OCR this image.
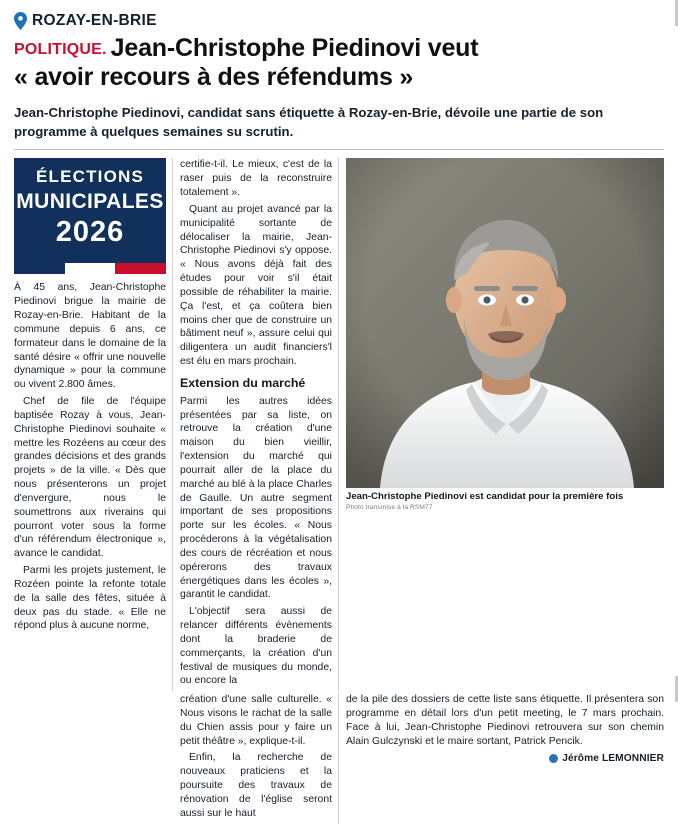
ROZAY-EN-BRIE
POLITIQUE. Jean-Christophe Piedinovi veut
« avoir recours à des réfendums »
Jean-Christophe Piedinovi, candidat sans étiquette à Rozay-en-Brie, dévoile une partie de son programme à quelques semaines su scrutin.
ÉLECTIONS
MUNICIPALES
2026

À 45 ans, Jean-Christophe Piedinovi brigue la mairie de Rozay-en-Brie. Habitant de la commune depuis 6 ans, ce formateur dans le domaine de la santé désire « offrir une nouvelle dynamique » pour la commune ou vivent 2.800 âmes.

Chef de file de l'équipe baptisée Rozay à vous, Jean-Christophe Piedinovi souhaite « mettre les Rozéens au cœur des grandes décisions et des grands projets » de la ville. « Dès que nous présenterons un projet d'envergure, nous le soumettrons aux riverains qui pourront voter sous la forme d'un référendum électronique », avance le candidat.

Parmi les projets justement, le Rozéen pointe la refonte totale de la salle des fêtes, située à deux pas du stade. « Elle ne répond plus à aucune norme,

certifie-t-il. Le mieux, c'est de la raser puis de la reconstruire totalement ».

Quant au projet avancé par la municipalité sortante de délocaliser la mairie, Jean-Christophe Piedinovi s'y oppose. « Nous avons déjà fait des études pour voir s'il était possible de réhabiliter la mairie. Ça l'est, et ça coûtera bien moins cher que de construire un bâtiment neuf », assure celui qui diligentera un audit financiers'l est élu en mars prochain.

Extension du marché

Parmi les autres idées présentées par sa liste, on retrouve la création d'une maison du bien vieillir, l'extension du marché qui pourrait aller de la place du marché au blé à la place Charles de Gaulle. Un autre segment important de ses propositions porte sur les écoles. « Nous procéderons à la végétalisation des cours de récréation et nous opérerons des travaux énergétiques dans les écoles », garantit le candidat.

L'objectif sera aussi de relancer différents évènements dont la braderie de commerçants, la création d'un festival de musiques du monde, ou encore la

Jean-Christophe Piedinovi est candidat pour la première fois
Photo transmise à la RSM77

création d'une salle culturelle. « Nous visons le rachat de la salle du Chien assis pour y faire un petit théâtre », explique-t-il.

Enfin, la recherche de nouveaux praticiens et la poursuite des travaux de rénovation de l'église seront aussi sur le haut

de la pile des dossiers de cette liste sans étiquette. Il présentera son programme en détail lors d'un petit meeting, le 7 mars prochain. Face à lui, Jean-Christophe Piedinovi retrouvera sur son chemin Alain Gulczynski et le maire sortant, Patrick Pencik.

Jérôme LEMONNIER
